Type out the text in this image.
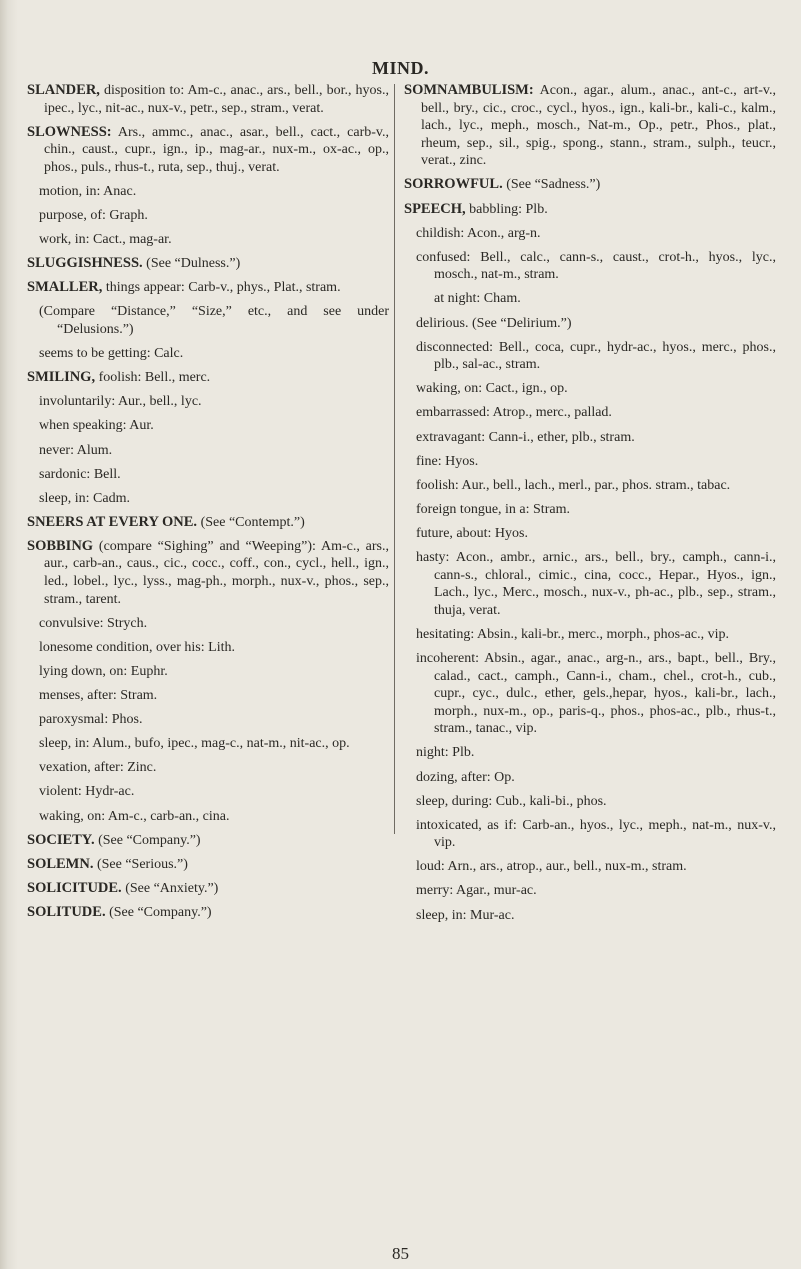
MIND.
SLANDER, disposition to: Am-c., anac., ars., bell., bor., hyos., ipec., lyc., nit-ac., nux-v., petr., sep., stram., verat.
SLOWNESS: Ars., ammc., anac., asar., bell., cact., carb-v., chin., caust., cupr., ign., ip., mag-ar., nux-m., ox-ac., op., phos., puls., rhus-t., ruta, sep., thuj., verat.
motion, in: Anac.
purpose, of: Graph.
work, in: Cact., mag-ar.
SLUGGISHNESS. (See “Dulness.”)
SMALLER, things appear: Carb-v., phys., Plat., stram.
(Compare “Distance,” “Size,” etc., and see under “Delusions.”)
seems to be getting: Calc.
SMILING, foolish: Bell., merc.
involuntarily: Aur., bell., lyc.
when speaking: Aur.
never: Alum.
sardonic: Bell.
sleep, in: Cadm.
SNEERS AT EVERY ONE. (See “Contempt.”)
SOBBING (compare “Sighing” and “Weeping”): Am-c., ars., aur., carb-an., caus., cic., cocc., coff., con., cycl., hell., ign., led., lobel., lyc., lyss., mag-ph., morph., nux-v., phos., sep., stram., tarent.
convulsive: Strych.
lonesome condition, over his: Lith.
lying down, on: Euphr.
menses, after: Stram.
paroxysmal: Phos.
sleep, in: Alum., bufo, ipec., mag-c., nat-m., nit-ac., op.
vexation, after: Zinc.
violent: Hydr-ac.
waking, on: Am-c., carb-an., cina.
SOCIETY. (See “Company.”)
SOLEMN. (See “Serious.”)
SOLICITUDE. (See “Anxiety.”)
SOLITUDE. (See “Company.”)
SOMNAMBULISM: Acon., agar., alum., anac., ant-c., art-v., bell., bry., cic., croc., cycl., hyos., ign., kali-br., kali-c., kalm., lach., lyc., meph., mosch., Nat-m., Op., petr., Phos., plat., rheum, sep., sil., spig., spong., stann., stram., sulph., teucr., verat., zinc.
SORROWFUL. (See “Sadness.”)
SPEECH, babbling: Plb.
childish: Acon., arg-n.
confused: Bell., calc., cann-s., caust., crot-h., hyos., lyc., mosch., nat-m., stram.
at night: Cham.
delirious. (See “Delirium.”)
disconnected: Bell., coca, cupr., hydr-ac., hyos., merc., phos., plb., sal-ac., stram.
waking, on: Cact., ign., op.
embarrassed: Atrop., merc., pallad.
extravagant: Cann-i., ether, plb., stram.
fine: Hyos.
foolish: Aur., bell., lach., merl., par., phos. stram., tabac.
foreign tongue, in a: Stram.
future, about: Hyos.
hasty: Acon., ambr., arnic., ars., bell., bry., camph., cann-i., cann-s., chloral., cimic., cina, cocc., Hepar., Hyos., ign., Lach., lyc., Merc., mosch., nux-v., ph-ac., plb., sep., stram., thuja, verat.
hesitating: Absin., kali-br., merc., morph., phos-ac., vip.
incoherent: Absin., agar., anac., arg-n., ars., bapt., bell., Bry., calad., cact., camph., Cann-i., cham., chel., crot-h., cub., cupr., cyc., dulc., ether, gels.,hepar, hyos., kali-br., lach., morph., nux-m., op., paris-q., phos., phos-ac., plb., rhus-t., stram., tanac., vip.
night: Plb.
dozing, after: Op.
sleep, during: Cub., kali-bi., phos.
intoxicated, as if: Carb-an., hyos., lyc., meph., nat-m., nux-v., vip.
loud: Arn., ars., atrop., aur., bell., nux-m., stram.
merry: Agar., mur-ac.
sleep, in: Mur-ac.
85
